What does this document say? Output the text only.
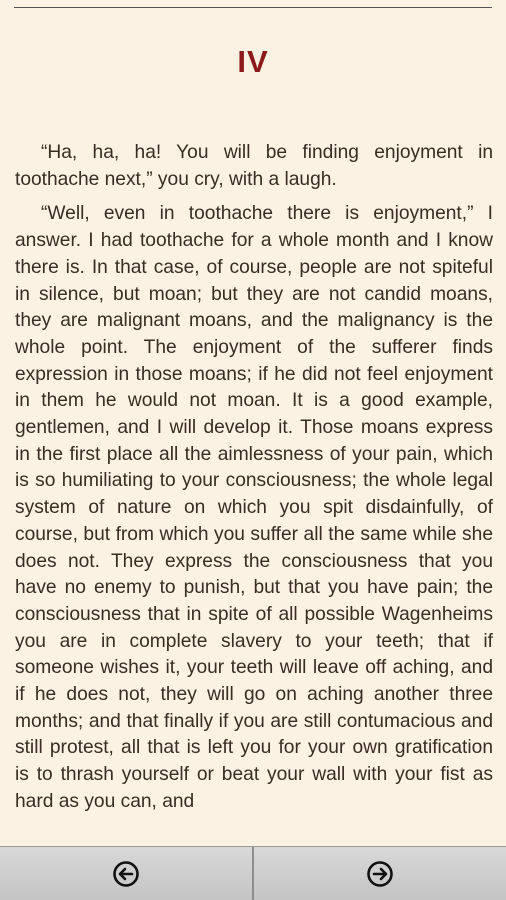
IV

“Ha, ha, ha! You will be finding enjoyment in toothache next,” you cry, with a laugh.

“Well, even in toothache there is enjoyment,” I answer. I had toothache for a whole month and I know there is. In that case, of course, people are not spiteful in silence, but moan; but they are not candid moans, they are malignant moans, and the malignancy is the whole point. The enjoyment of the sufferer finds expression in those moans; if he did not feel enjoyment in them he would not moan. It is a good example, gentlemen, and I will develop it. Those moans express in the first place all the aimlessness of your pain, which is so humiliating to your consciousness; the whole legal system of nature on which you spit disdainfully, of course, but from which you suffer all the same while she does not. They express the consciousness that you have no enemy to punish, but that you have pain; the consciousness that in spite of all possible Wagenheims you are in complete slavery to your teeth; that if someone wishes it, your teeth will leave off aching, and if he does not, they will go on aching another three months; and that finally if you are still contumacious and still protest, all that is left you for your own gratification is to thrash yourself or beat your wall with your fist as hard as you can, and
